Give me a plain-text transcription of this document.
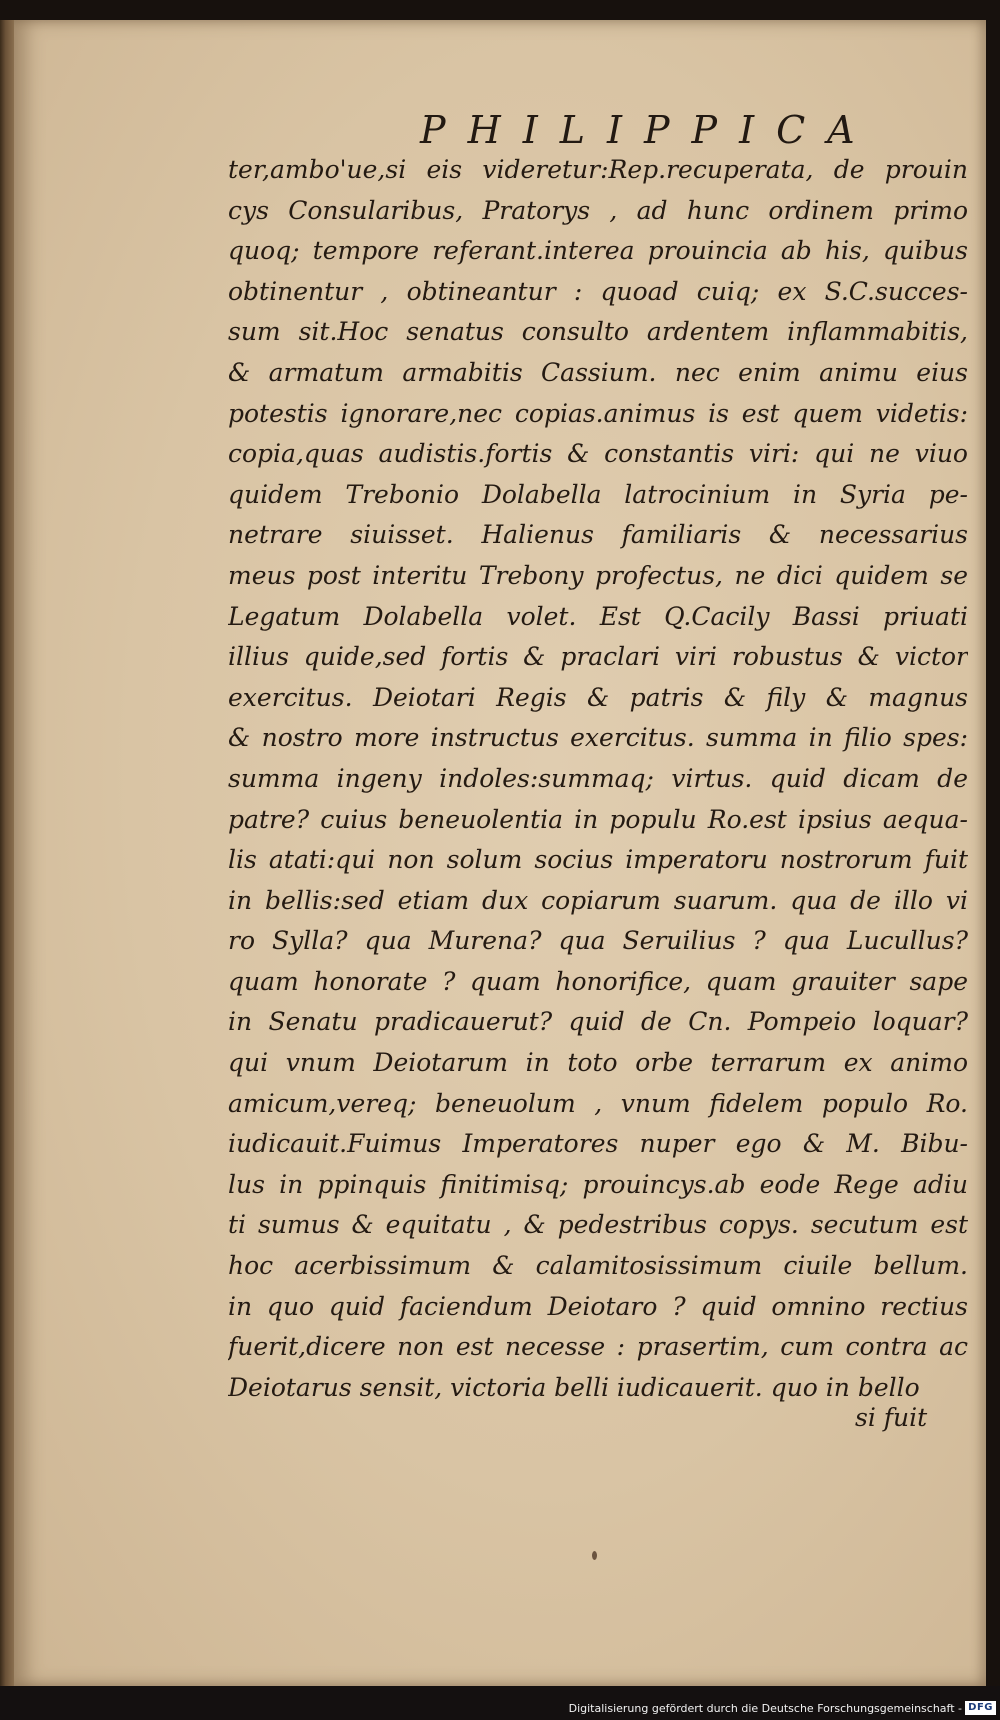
PHILIPPICA
ter,ambo'ue,si eis videretur:Rep.recuperata, de prouin
cys Consularibus, Pratorys , ad hunc ordinem primo
quoq; tempore referant.interea prouincia ab his, quibus
obtinentur , obtineantur : quoad cuiq; ex S.C.succes-
sum sit.Hoc senatus consulto ardentem inflammabitis,
& armatum armabitis Cassium. nec enim animu eius
potestis ignorare,nec copias.animus is est quem videtis:
copia,quas audistis.fortis & constantis viri: qui ne viuo
quidem Trebonio Dolabella latrocinium in Syria pe-
netrare siuisset. Halienus familiaris & necessarius
meus post interitu Trebony profectus, ne dici quidem se
Legatum Dolabella volet. Est Q.Cacily Bassi priuati
illius quide,sed fortis & praclari viri robustus & victor
exercitus. Deiotari Regis & patris & fily & magnus
& nostro more instructus exercitus. summa in filio spes:
summa ingeny indoles:summaq; virtus. quid dicam de
patre? cuius beneuolentia in populu Ro.est ipsius aequa-
lis atati:qui non solum socius imperatoru nostrorum fuit
in bellis:sed etiam dux copiarum suarum. qua de illo vi
ro Sylla? qua Murena? qua Seruilius ? qua Lucullus?
quam honorate ? quam honorifice, quam grauiter sape
in Senatu pradicauerut? quid de Cn. Pompeio loquar?
qui vnum Deiotarum in toto orbe terrarum ex animo
amicum,vereq; beneuolum , vnum fidelem populo Ro.
iudicauit.Fuimus Imperatores nuper ego & M. Bibu-
lus in ppinquis finitimisq; prouincys.ab eode Rege adiu
ti sumus & equitatu , & pedestribus copys. secutum est
hoc acerbissimum & calamitosissimum ciuile bellum.
in quo quid faciendum Deiotaro ? quid omnino rectius
fuerit,dicere non est necesse : prasertim, cum contra ac
Deiotarus sensit, victoria belli iudicauerit. quo in bello
si fuit
Digitalisierung gefördert durch die Deutsche Forschungsgemeinschaft - DFG
